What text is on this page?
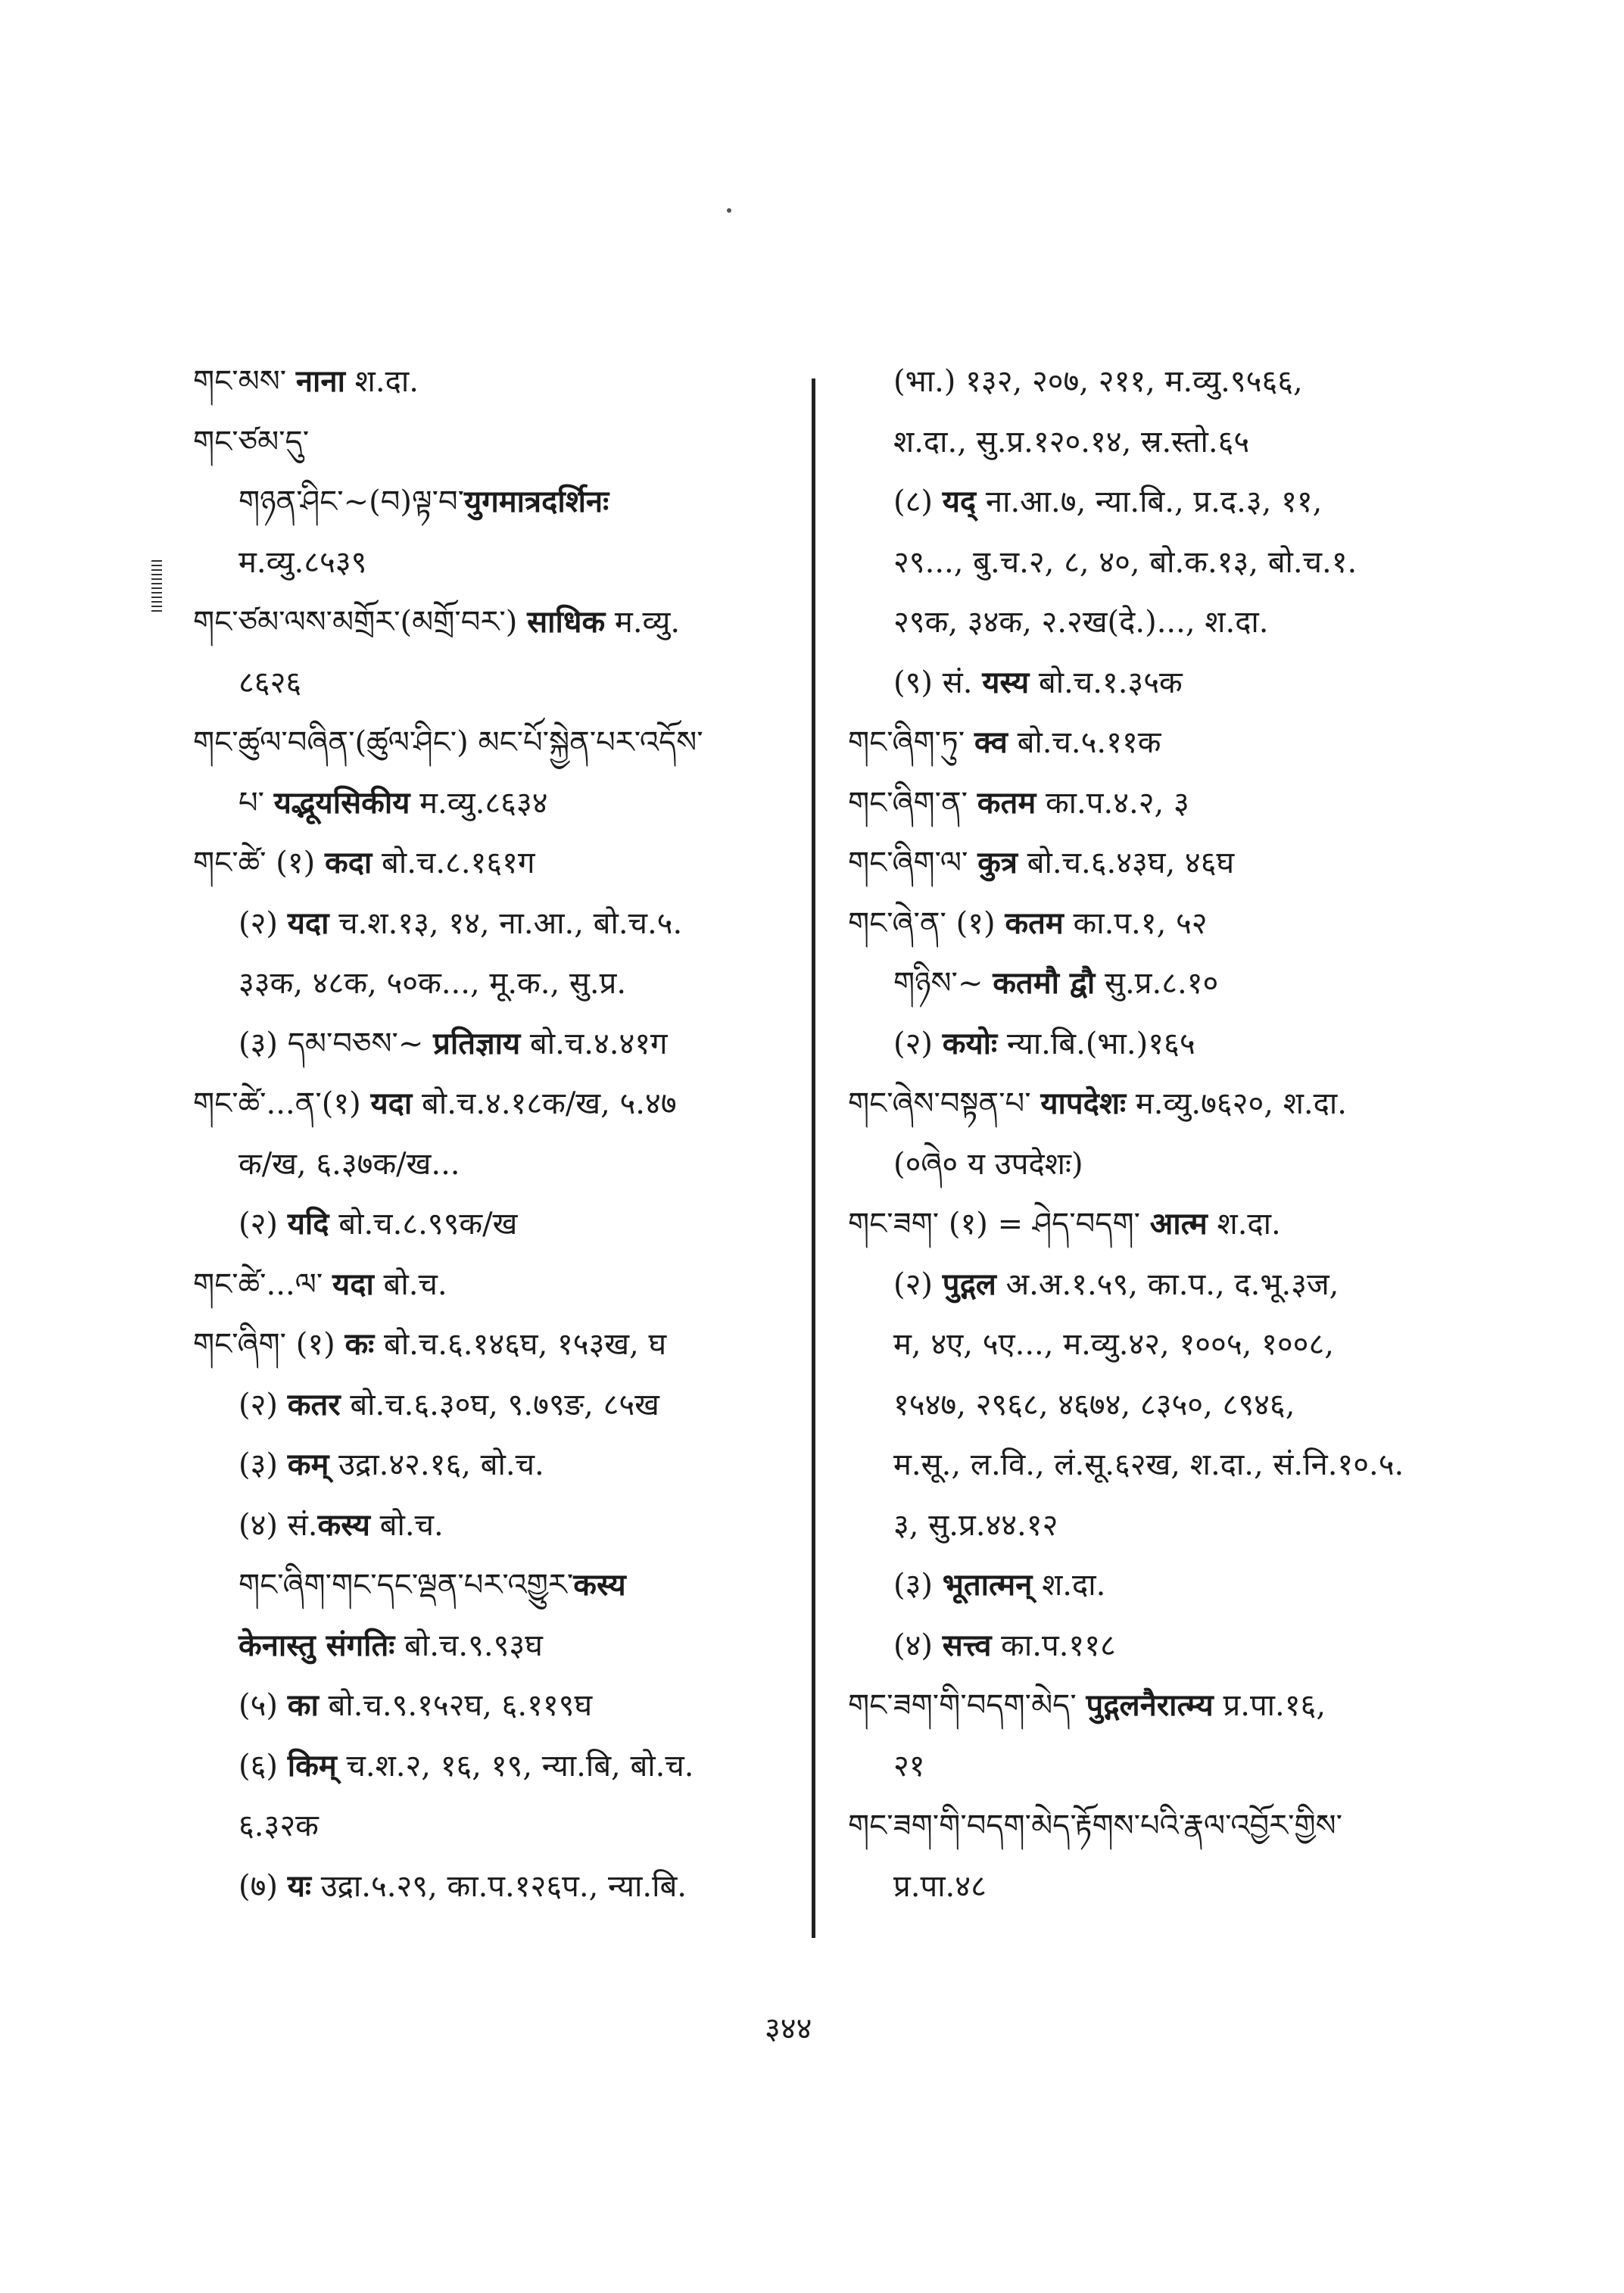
གང་མས་ नाना श.दा.
གང་ཙམ་དུ་
གཉན་ཤིང་~(བ)ལྟ་བ་युगमात्रदर्शिनः
म.व्यु.८५३९
གང་ཙམ་ལས་མགྲོར་(མགྲོ་བར་) साधिक म.व्यु.
८६२६
གང་ཚུལ་བཞིན་(ཚུལ་ཤིང་) མང་པོ་སྐྱེན་པར་འདོས་
པ་ यद्भूयसिकीय म.व्यु.८६३४
གང་ཚེ་ (१) कदा बो.च.८.१६१ग
(२) यदा च.श.१३, १४, ना.आ., बो.च.५.
३३क, ४८क, ५०क..., मू.क., सु.प्र.
(३) དམ་བཅས་~ प्रतिज्ञाय बो.च.४.४१ग
གང་ཚེ་...ན་(१) यदा बो.च.४.१८क/ख, ५.४७
क/ख, ६.३७क/ख...
(२) यदि बो.च.८.९९क/ख
གང་ཚེ་...ལ་ यदा बो.च.
གང་ཞིག་ (१) कः बो.च.६.१४६घ, १५३ख, घ
(२) कतर बो.च.६.३०घ, ९.७९ङ, ८५ख
(३) कम् उद्रा.४२.१६, बो.च.
(४) सं.कस्य बो.च.
གང་ཞིག་གང་དང་ལྡན་པར་འགྱུར་कस्य
केनास्तु संगतिः बो.च.९.९३घ
(५) का बो.च.९.१५२घ, ६.११९घ
(६) किम् च.श.२, १६, १९, न्या.बि, बो.च.
६.३२क
(७) यः उद्रा.५.२९, का.प.१२६प., न्या.बि.
(भा.) १३२, २०७, २११, म.व्यु.९५६६,
श.दा., सु.प्र.१२०.१४, स्र.स्तो.६५
(८) यद् ना.आ.७, न्या.बि., प्र.द.३, ११,
२९..., बु.च.२, ८, ४०, बो.क.१३, बो.च.१.
२९क, ३४क, २.२ख(दे.)..., श.दा.
(९) सं. यस्य बो.च.१.३५क
གང་ཞིག་ཏུ་ क्व बो.च.५.११क
གང་ཞིག་ན་ कतम का.प.४.२, ३
གང་ཞིག་ལ་ कुत्र बो.च.६.४३घ, ४६घ
གང་ཞེ་ན་ (१) कतम का.प.१, ५२
གཉིས་~ कतमौ द्वौ सु.प्र.८.१०
(२) कयोः न्या.बि.(भा.)१६५
གང་ཞེས་བསྟན་པ་ यापदेशः म.व्यु.७६२०, श.दा.
(०ཞེ० य उपदेशः)
གང་ཟག་ (१) = ཤེད་བདག་ आत्म श.दा.
(२) पुद्गल अ.अ.१.५९, का.प., द.भू.३ज,
म, ४ए, ५ए..., म.व्यु.४२, १००५, १००८,
१५४७, २९६८, ४६७४, ८३५०, ८९४६,
म.सू., ल.वि., लं.सू.६२ख, श.दा., सं.नि.१०.५.
३, सु.प्र.४४.१२
(३) भूतात्मन् श.दा.
(४) सत्त्व का.प.११८
གང་ཟག་གི་བདག་མེད་ पुद्गलनैरात्म्य प्र.पा.१६,
२१
གང་ཟག་གི་བདག་མེད་རྟོགས་པའི་རྣལ་འབྱོར་གྱིས་
प्र.पा.४८
३४४
